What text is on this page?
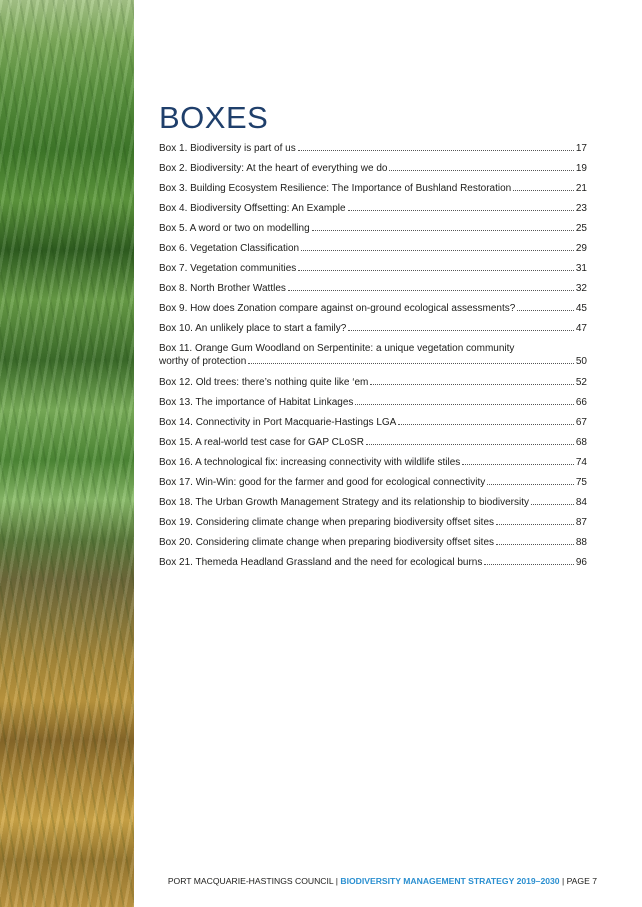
BOXES
Box 1. Biodiversity is part of us	17
Box 2. Biodiversity: At the heart of everything we do	19
Box 3. Building Ecosystem Resilience: The Importance of Bushland Restoration	21
Box 4. Biodiversity Offsetting: An Example	23
Box 5. A word or two on modelling	25
Box 6. Vegetation Classification	29
Box 7. Vegetation communities	31
Box 8. North Brother Wattles	32
Box 9. How does Zonation compare against on-ground ecological assessments?	45
Box 10. An unlikely place to start a family?	47
Box 11. Orange Gum Woodland on Serpentinite: a unique vegetation community
worthy of protection	50
Box 12. Old trees: there’s nothing quite like ‘em	52
Box 13. The importance of Habitat Linkages	66
Box 14. Connectivity in Port Macquarie-Hastings LGA	67
Box 15. A real-world test case for GAP CLoSR	68
Box 16. A technological fix: increasing connectivity with wildlife stiles	74
Box 17. Win-Win: good for the farmer and good for ecological connectivity	75
Box 18. The Urban Growth Management Strategy and its relationship to biodiversity	84
Box 19. Considering climate change when preparing biodiversity offset sites	87
Box 20. Considering climate change when preparing biodiversity offset sites	88
Box 21. Themeda Headland Grassland and the need for ecological burns	96
PORT MACQUARIE-HASTINGS COUNCIL | BIODIVERSITY MANAGEMENT STRATEGY 2019–2030 | PAGE 7
